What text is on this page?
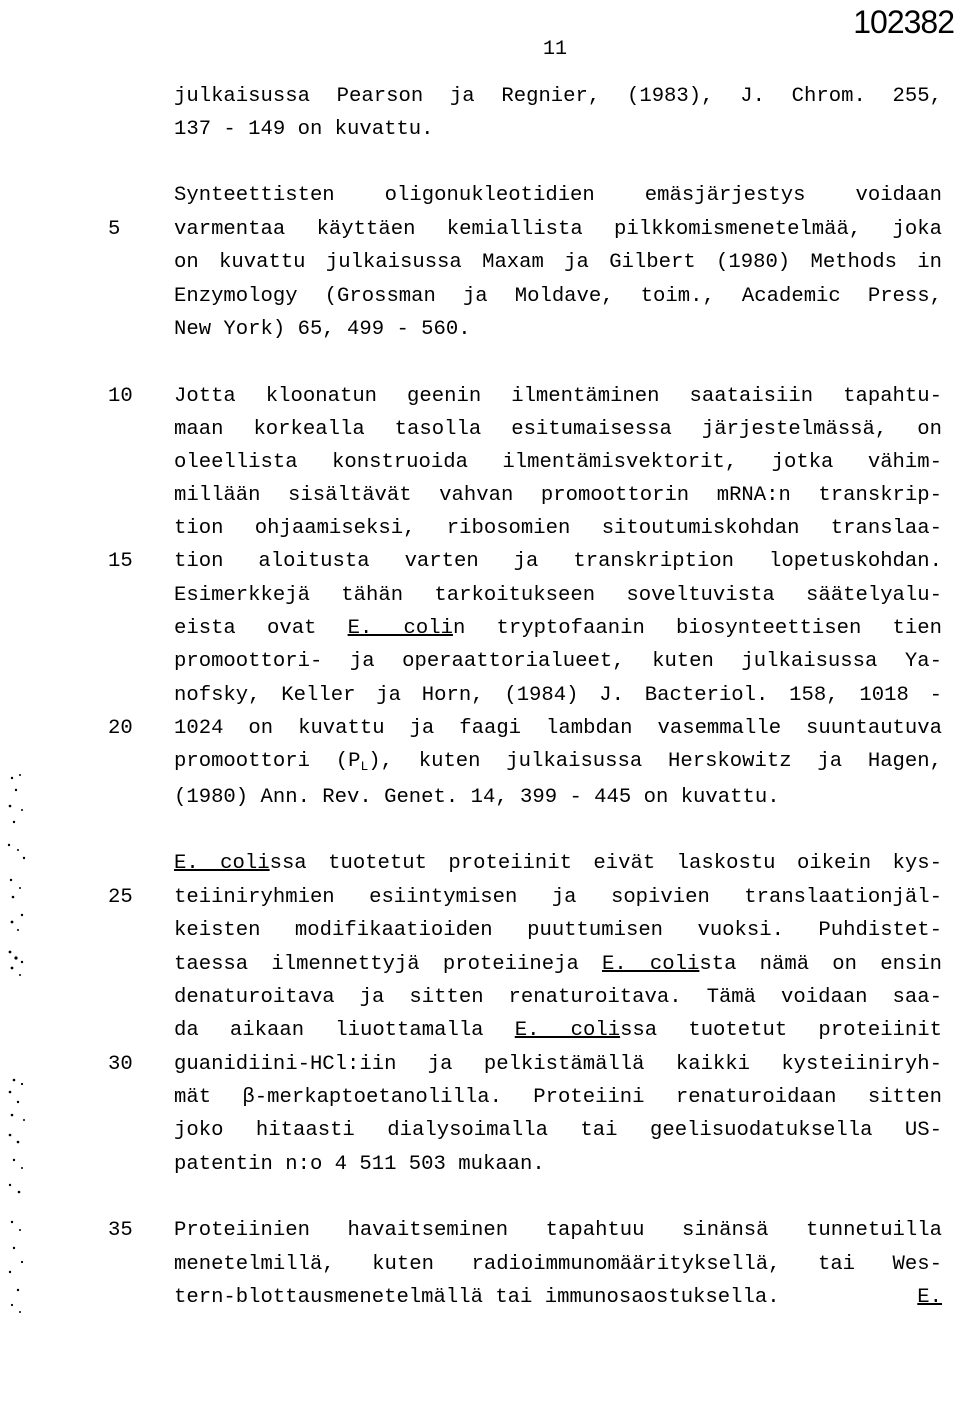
102382
11
5
10
15
20
25
30
35
julkaisussa Pearson ja Regnier, (1983), J. Chrom. 255,
137 - 149 on kuvattu.
Synteettisten oligonukleotidien emäsjärjestys voidaan
varmentaa käyttäen kemiallista pilkkomismenetelmää, joka
on kuvattu julkaisussa Maxam ja Gilbert (1980) Methods in
Enzymology (Grossman ja Moldave, toim., Academic Press,
New York) 65, 499 - 560.
Jotta kloonatun geenin ilmentäminen saataisiin tapahtu-
maan korkealla tasolla esitumaisessa järjestelmässä, on
oleellista konstruoida ilmentämisvektorit, jotka vähim-
millään sisältävät vahvan promoottorin mRNA:n transkrip-
tion ohjaamiseksi, ribosomien sitoutumiskohdan translaa-
tion aloitusta varten ja transkription lopetuskohdan.
Esimerkkejä tähän tarkoitukseen soveltuvista säätelyalu-
eista ovat E. colin tryptofaanin biosynteettisen tien
promoottori- ja operaattorialueet, kuten julkaisussa Ya-
nofsky, Keller ja Horn, (1984) J. Bacteriol. 158, 1018 -
1024 on kuvattu ja faagi lambdan vasemmalle suuntautuva
promoottori $(P_L)$, kuten julkaisussa Herskowitz ja Hagen,
(1980) Ann. Rev. Genet. 14, 399 - 445 on kuvattu.
E. colissa tuotetut proteiinit eivät laskostu oikein kys-
teiiniryhmien esiintymisen ja sopivien translaationjäl-
keisten modifikaatioiden puuttumisen vuoksi. Puhdistet-
taessa ilmennettyjä proteiineja E. colista nämä on ensin
denaturoitava ja sitten renaturoitava. Tämä voidaan saa-
da aikaan liuottamalla E. colissa tuotetut proteiinit
guanidiini-HCl:iin ja pelkistämällä kaikki kysteiiniryh-
mät β-merkaptoetanolilla. Proteiini renaturoidaan sitten
joko hitaasti dialysoimalla tai geelisuodatuksella US-
patentin n:o 4 511 503 mukaan.
Proteiinien havaitseminen tapahtuu sinänsä tunnetuilla
menetelmillä, kuten radioimmunomäärityksellä, tai Wes-
tern-blottausmenetelmällä tai immunosaostuksella.	E.
